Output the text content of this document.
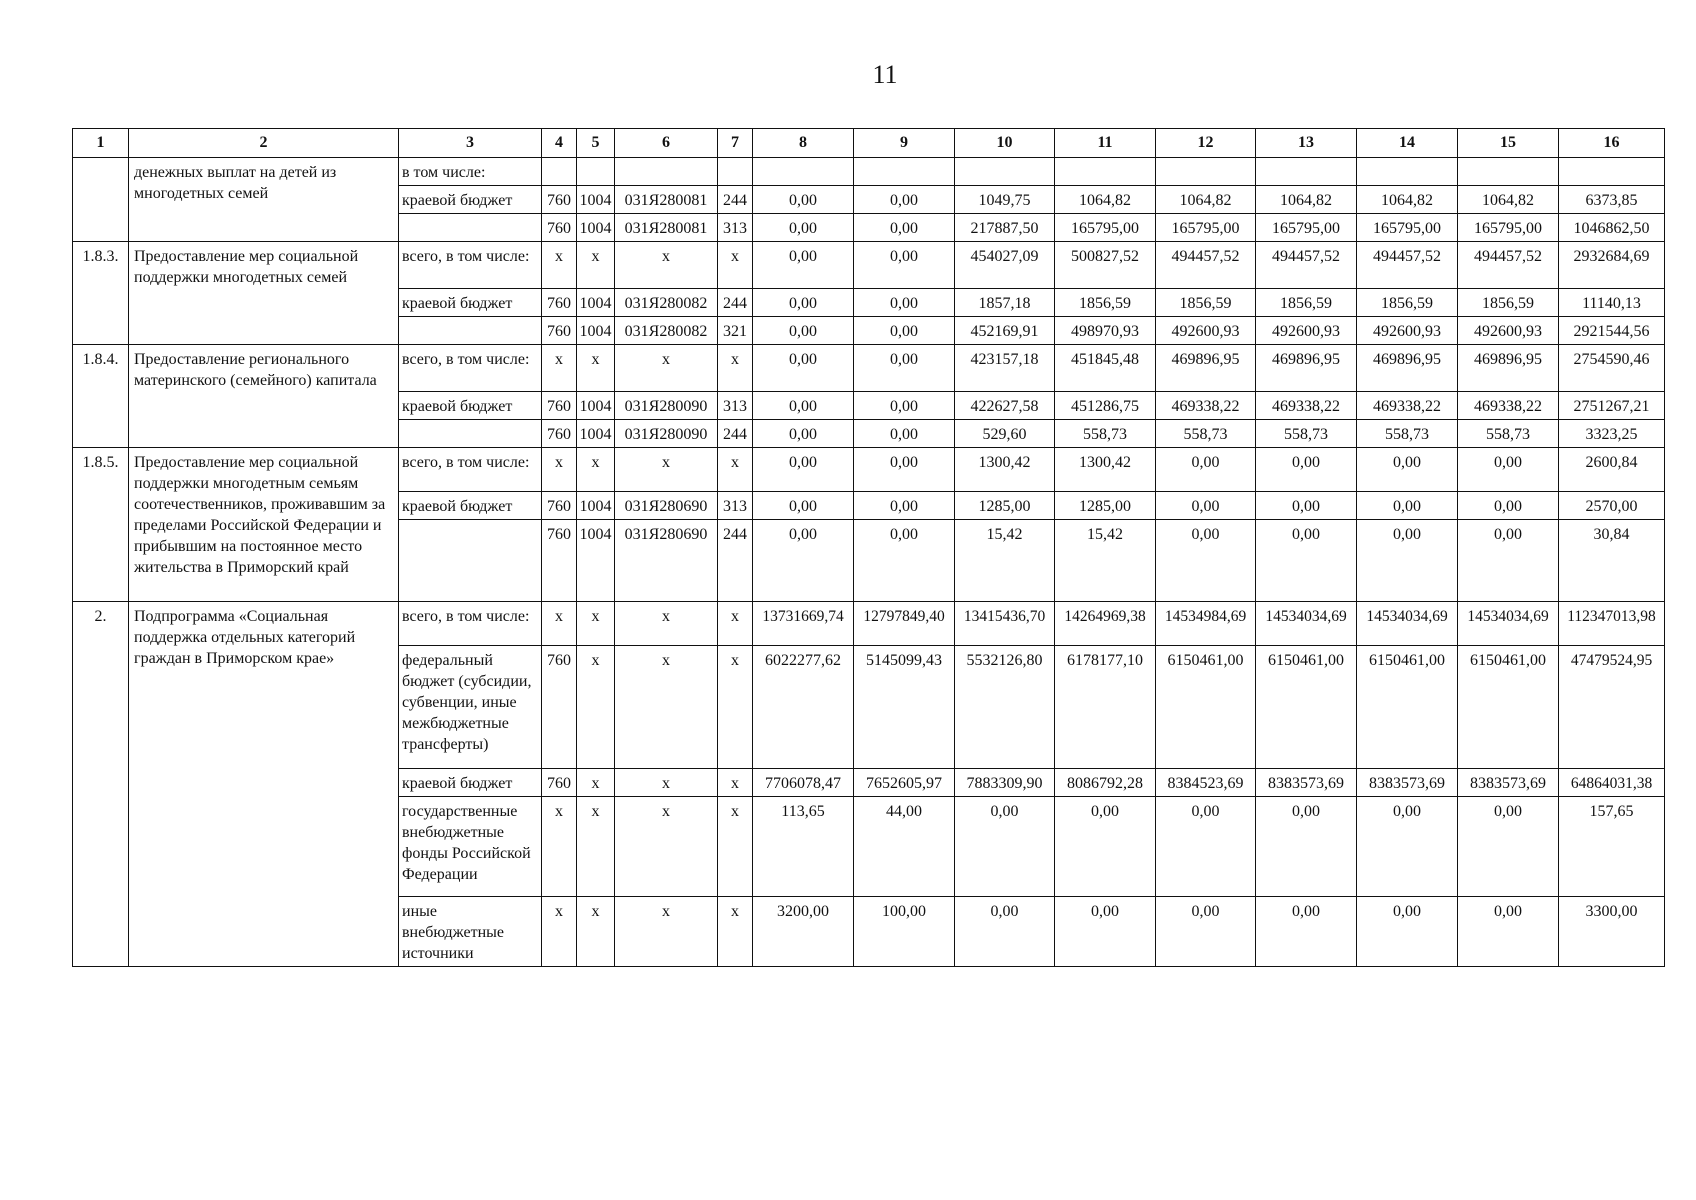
11
1	2	3	4	5	6	7	8	9	10	11	12	13	14	15	16
	денежных выплат на детей из многодетных семей	в том числе:													
		краевой бюджет	760	1004	031Я280081	244	0,00	0,00	1049,75	1064,82	1064,82	1064,82	1064,82	1064,82	6373,85
			760	1004	031Я280081	313	0,00	0,00	217887,50	165795,00	165795,00	165795,00	165795,00	165795,00	1046862,50
1.8.3.	Предоставление мер социальной поддержки многодетных семей	всего, в том числе:	х	х	х	х	0,00	0,00	454027,09	500827,52	494457,52	494457,52	494457,52	494457,52	2932684,69
		краевой бюджет	760	1004	031Я280082	244	0,00	0,00	1857,18	1856,59	1856,59	1856,59	1856,59	1856,59	11140,13
			760	1004	031Я280082	321	0,00	0,00	452169,91	498970,93	492600,93	492600,93	492600,93	492600,93	2921544,56
1.8.4.	Предоставление регионального материнского (семейного) капитала	всего, в том числе:	х	х	х	х	0,00	0,00	423157,18	451845,48	469896,95	469896,95	469896,95	469896,95	2754590,46
		краевой бюджет	760	1004	031Я280090	313	0,00	0,00	422627,58	451286,75	469338,22	469338,22	469338,22	469338,22	2751267,21
			760	1004	031Я280090	244	0,00	0,00	529,60	558,73	558,73	558,73	558,73	558,73	3323,25
1.8.5.	Предоставление мер социальной поддержки многодетным семьям соотечественников, проживавшим за пределами Российской Федерации и прибывшим на постоянное место жительства в Приморский край	всего, в том числе:	х	х	х	х	0,00	0,00	1300,42	1300,42	0,00	0,00	0,00	0,00	2600,84
		краевой бюджет	760	1004	031Я280690	313	0,00	0,00	1285,00	1285,00	0,00	0,00	0,00	0,00	2570,00
			760	1004	031Я280690	244	0,00	0,00	15,42	15,42	0,00	0,00	0,00	0,00	30,84
2.	Подпрограмма «Социальная поддержка отдельных категорий граждан в Приморском крае»	всего, в том числе:	х	х	х	х	13731669,74	12797849,40	13415436,70	14264969,38	14534984,69	14534034,69	14534034,69	14534034,69	112347013,98
		федеральный бюджет (субсидии, субвенции, иные межбюджетные трансферты)	760	х	х	х	6022277,62	5145099,43	5532126,80	6178177,10	6150461,00	6150461,00	6150461,00	6150461,00	47479524,95
		краевой бюджет	760	х	х	х	7706078,47	7652605,97	7883309,90	8086792,28	8384523,69	8383573,69	8383573,69	8383573,69	64864031,38
		государственные внебюджетные фонды Российской Федерации	х	х	х	х	113,65	44,00	0,00	0,00	0,00	0,00	0,00	0,00	157,65
		иные внебюджетные источники	х	х	х	х	3200,00	100,00	0,00	0,00	0,00	0,00	0,00	0,00	3300,00
